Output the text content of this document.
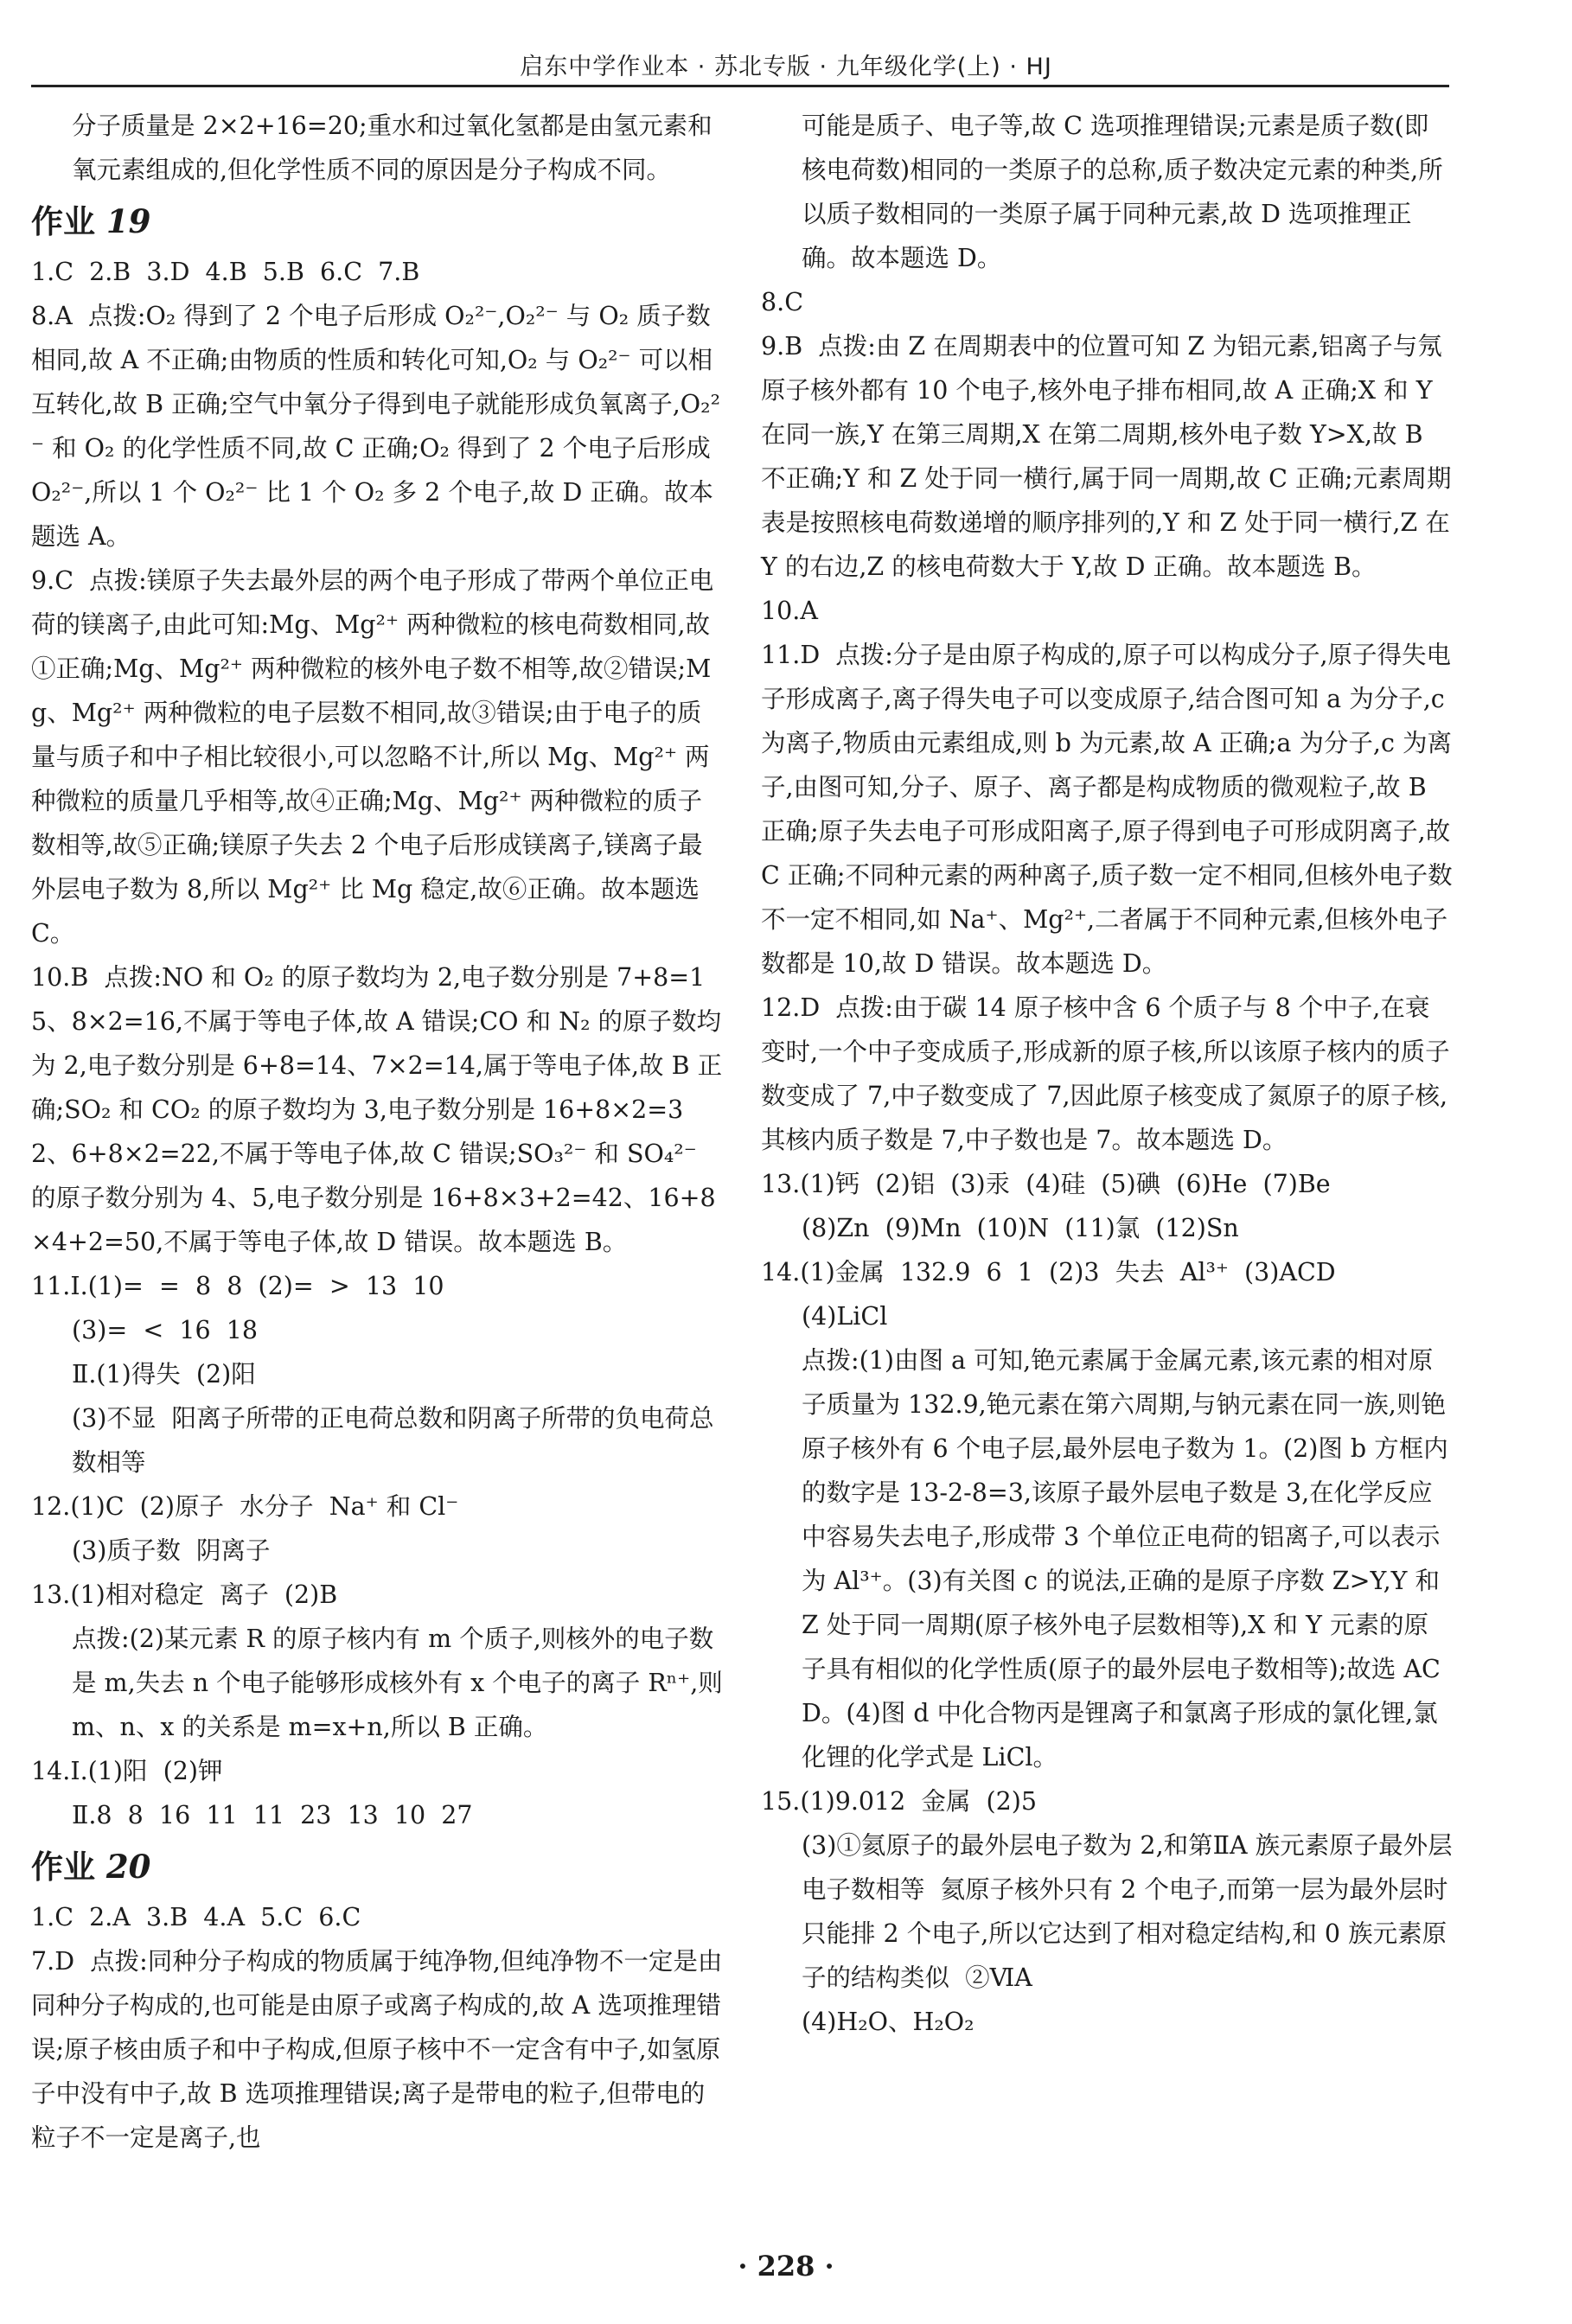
启东中学作业本 · 苏北专版 · 九年级化学(上) · HJ

分子质量是 2×2+16=20;重水和过氧化氢都是由氢元素和氧元素组成的,但化学性质不同的原因是分子构成不同。

作业 19

1.C  2.B  3.D  4.B  5.B  6.C  7.B

8.A  点拨:O₂ 得到了 2 个电子后形成 O₂²⁻,O₂²⁻ 与 O₂ 质子数相同,故 A 不正确;由物质的性质和转化可知,O₂ 与 O₂²⁻ 可以相互转化,故 B 正确;空气中氧分子得到电子就能形成负氧离子,O₂²⁻ 和 O₂ 的化学性质不同,故 C 正确;O₂ 得到了 2 个电子后形成 O₂²⁻,所以 1 个 O₂²⁻ 比 1 个 O₂ 多 2 个电子,故 D 正确。故本题选 A。

9.C  点拨:镁原子失去最外层的两个电子形成了带两个单位正电荷的镁离子,由此可知:Mg、Mg²⁺ 两种微粒的核电荷数相同,故①正确;Mg、Mg²⁺ 两种微粒的核外电子数不相等,故②错误;Mg、Mg²⁺ 两种微粒的电子层数不相同,故③错误;由于电子的质量与质子和中子相比较很小,可以忽略不计,所以 Mg、Mg²⁺ 两种微粒的质量几乎相等,故④正确;Mg、Mg²⁺ 两种微粒的质子数相等,故⑤正确;镁原子失去 2 个电子后形成镁离子,镁离子最外层电子数为 8,所以 Mg²⁺ 比 Mg 稳定,故⑥正确。故本题选 C。

10.B  点拨:NO 和 O₂ 的原子数均为 2,电子数分别是 7+8=15、8×2=16,不属于等电子体,故 A 错误;CO 和 N₂ 的原子数均为 2,电子数分别是 6+8=14、7×2=14,属于等电子体,故 B 正确;SO₂ 和 CO₂ 的原子数均为 3,电子数分别是 16+8×2=32、6+8×2=22,不属于等电子体,故 C 错误;SO₃²⁻ 和 SO₄²⁻ 的原子数分别为 4、5,电子数分别是 16+8×3+2=42、16+8×4+2=50,不属于等电子体,故 D 错误。故本题选 B。

11.Ⅰ.(1)=  =  8  8  (2)=  >  13  10

(3)=  <  16  18

Ⅱ.(1)得失  (2)阳

(3)不显  阳离子所带的正电荷总数和阴离子所带的负电荷总数相等

12.(1)C  (2)原子  水分子  Na⁺ 和 Cl⁻

(3)质子数  阴离子

13.(1)相对稳定  离子  (2)B

点拨:(2)某元素 R 的原子核内有 m 个质子,则核外的电子数是 m,失去 n 个电子能够形成核外有 x 个电子的离子 Rⁿ⁺,则 m、n、x 的关系是 m=x+n,所以 B 正确。

14.Ⅰ.(1)阳  (2)钾

Ⅱ.8  8  16  11  11  23  13  10  27

作业 20

1.C  2.A  3.B  4.A  5.C  6.C

7.D  点拨:同种分子构成的物质属于纯净物,但纯净物不一定是由同种分子构成的,也可能是由原子或离子构成的,故 A 选项推理错误;原子核由质子和中子构成,但原子核中不一定含有中子,如氢原子中没有中子,故 B 选项推理错误;离子是带电的粒子,但带电的粒子不一定是离子,也

可能是质子、电子等,故 C 选项推理错误;元素是质子数(即核电荷数)相同的一类原子的总称,质子数决定元素的种类,所以质子数相同的一类原子属于同种元素,故 D 选项推理正确。故本题选 D。

8.C

9.B  点拨:由 Z 在周期表中的位置可知 Z 为铝元素,铝离子与氖原子核外都有 10 个电子,核外电子排布相同,故 A 正确;X 和 Y 在同一族,Y 在第三周期,X 在第二周期,核外电子数 Y>X,故 B 不正确;Y 和 Z 处于同一横行,属于同一周期,故 C 正确;元素周期表是按照核电荷数递增的顺序排列的,Y 和 Z 处于同一横行,Z 在 Y 的右边,Z 的核电荷数大于 Y,故 D 正确。故本题选 B。

10.A

11.D  点拨:分子是由原子构成的,原子可以构成分子,原子得失电子形成离子,离子得失电子可以变成原子,结合图可知 a 为分子,c 为离子,物质由元素组成,则 b 为元素,故 A 正确;a 为分子,c 为离子,由图可知,分子、原子、离子都是构成物质的微观粒子,故 B 正确;原子失去电子可形成阳离子,原子得到电子可形成阴离子,故 C 正确;不同种元素的两种离子,质子数一定不相同,但核外电子数不一定不相同,如 Na⁺、Mg²⁺,二者属于不同种元素,但核外电子数都是 10,故 D 错误。故本题选 D。

12.D  点拨:由于碳 14 原子核中含 6 个质子与 8 个中子,在衰变时,一个中子变成质子,形成新的原子核,所以该原子核内的质子数变成了 7,中子数变成了 7,因此原子核变成了氮原子的原子核,其核内质子数是 7,中子数也是 7。故本题选 D。

13.(1)钙  (2)铝  (3)汞  (4)硅  (5)碘  (6)He  (7)Be

(8)Zn  (9)Mn  (10)N  (11)氯  (12)Sn

14.(1)金属  132.9  6  1  (2)3  失去  Al³⁺  (3)ACD

(4)LiCl

点拨:(1)由图 a 可知,铯元素属于金属元素,该元素的相对原子质量为 132.9,铯元素在第六周期,与钠元素在同一族,则铯原子核外有 6 个电子层,最外层电子数为 1。(2)图 b 方框内的数字是 13-2-8=3,该原子最外层电子数是 3,在化学反应中容易失去电子,形成带 3 个单位正电荷的铝离子,可以表示为 Al³⁺。(3)有关图 c 的说法,正确的是原子序数 Z>Y,Y 和 Z 处于同一周期(原子核外电子层数相等),X 和 Y 元素的原子具有相似的化学性质(原子的最外层电子数相等);故选 ACD。(4)图 d 中化合物丙是锂离子和氯离子形成的氯化锂,氯化锂的化学式是 LiCl。

15.(1)9.012  金属  (2)5

(3)①氦原子的最外层电子数为 2,和第ⅡA 族元素原子最外层电子数相等  氦原子核外只有 2 个电子,而第一层为最外层时只能排 2 个电子,所以它达到了相对稳定结构,和 0 族元素原子的结构类似  ②ⅥA

(4)H₂O、H₂O₂

· 228 ·
